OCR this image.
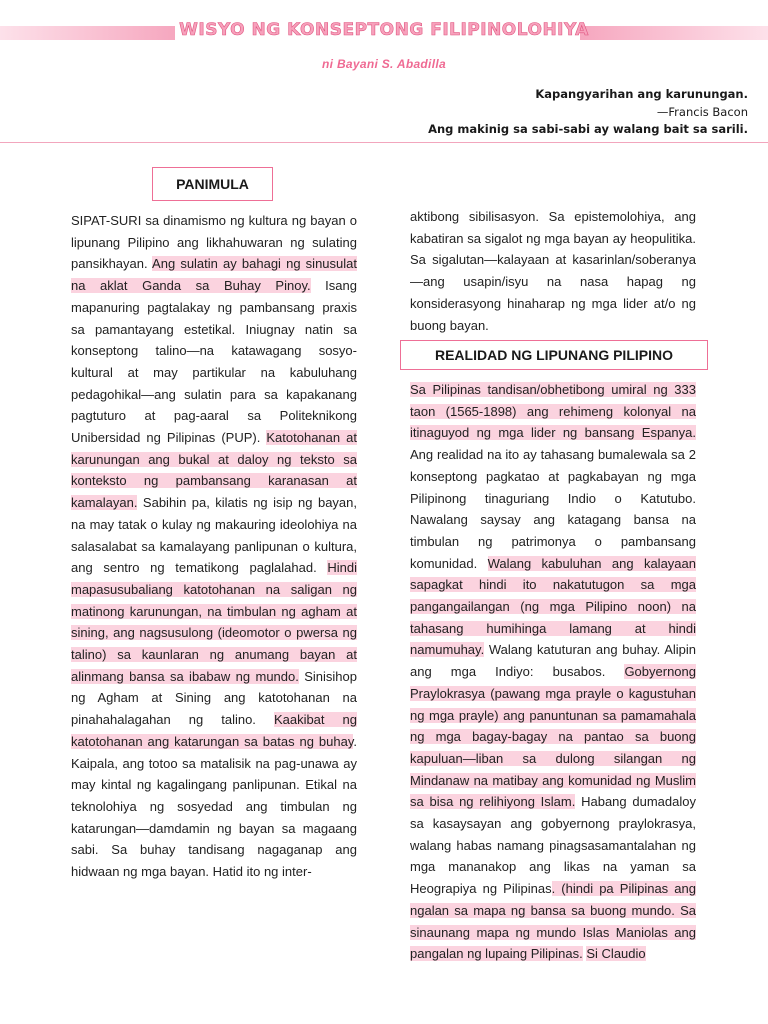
WISYO NG KONSEPTONG FILIPINOLOHIYA
ni Bayani S. Abadilla
Kapangyarihan ang karunungan.
—Francis Bacon
Ang makinig sa sabi-sabi ay walang bait sa sarili.
PANIMULA
REALIDAD NG LIPUNANG PILIPINO
SIPAT-SURI sa dinamismo ng kultura ng bayan o lipunang Pilipino ang likhahuwaran ng sulating pansikhayan. Ang sulatin ay bahagi ng sinusulat na aklat Ganda sa Buhay Pinoy. Isang mapanuring pagtalakay ng pambansang praxis sa pamantayang estetikal. Iniugnay natin sa konseptong talino—na katawagang sosyo-kultural at may partikular na kabuluhang pedagohikal—ang sulatin para sa kapakanang pagtuturo at pag-aaral sa Politeknikong Unibersidad ng Pilipinas (PUP). Katotohanan at karunungan ang bukal at daloy ng teksto sa konteksto ng pambansang karanasan at kamalayan. Sabihin pa, kilatis ng isip ng bayan, na may tatak o kulay ng makauring ideolohiya na salasalabat sa kamalayang panlipunan o kultura, ang sentro ng tematikong paglalahad. Hindi mapasusubaliang katotohanan na saligan ng matinong karunungan, na timbulan ng agham at sining, ang nagsusulong (ideomotor o pwersa ng talino) sa kaunlaran ng anumang bayan at alinmang bansa sa ibabaw ng mundo. Sinisihop ng Agham at Sining ang katotohanan na pinahahalagahan ng talino. Kaakibat ng katotohanan ang katarungan sa batas ng buhay. Kaipala, ang totoo sa matalisik na pag-unawa ay may kintal ng kagalingang panlipunan. Etikal na teknolohiya ng sosyedad ang timbulan ng katarungan—damdamin ng bayan sa magaang sabi. Sa buhay tandisang nagaganap ang hidwaan ng mga bayan. Hatid ito ng inter-
aktibong sibilisasyon. Sa epistemolohiya, ang kabatiran sa sigalot ng mga bayan ay heopulitika. Sa sigalutan—kalayaan at kasarinlan/soberanya—ang usapin/isyu na nasa hapag ng konsiderasyong hinaharap ng mga lider at/o ng buong bayan.
Sa Pilipinas tandisan/obhetibong umiral ng 333 taon (1565-1898) ang rehimeng kolonyal na itinaguyod ng mga lider ng bansang Espanya. Ang realidad na ito ay tahasang bumalewala sa 2 konseptong pagkatao at pagkabayan ng mga Pilipinong tinaguriang Indio o Katutubo. Nawalang saysay ang katagang bansa na timbulan ng patrimonya o pambansang komunidad. Walang kabuluhan ang kalayaan sapagkat hindi ito nakatutugon sa mga pangangailangan (ng mga Pilipino noon) na tahasang humihinga lamang at hindi namumuhay. Walang katuturan ang buhay. Alipin ang mga Indiyo: busabos. Gobyernong Praylokrasya (pawang mga prayle o kagustuhan ng mga prayle) ang panuntunan sa pamamahala ng mga bagay-bagay na pantao sa buong kapuluan—liban sa dulong silangan ng Mindanaw na matibay ang komunidad ng Muslim sa bisa ng relihiyong Islam. Habang dumadaloy sa kasaysayan ang gobyernong praylokrasya, walang habas namang pinagsasamantalahan ng mga mananakop ang likas na yaman sa Heograpiya ng Pilipinas. (hindi pa Pilipinas ang ngalan sa mapa ng bansa sa buong mundo. Sa sinaunang mapa ng mundo Islas Maniolas ang pangalan ng lupaing Pilipinas. Si Claudio
